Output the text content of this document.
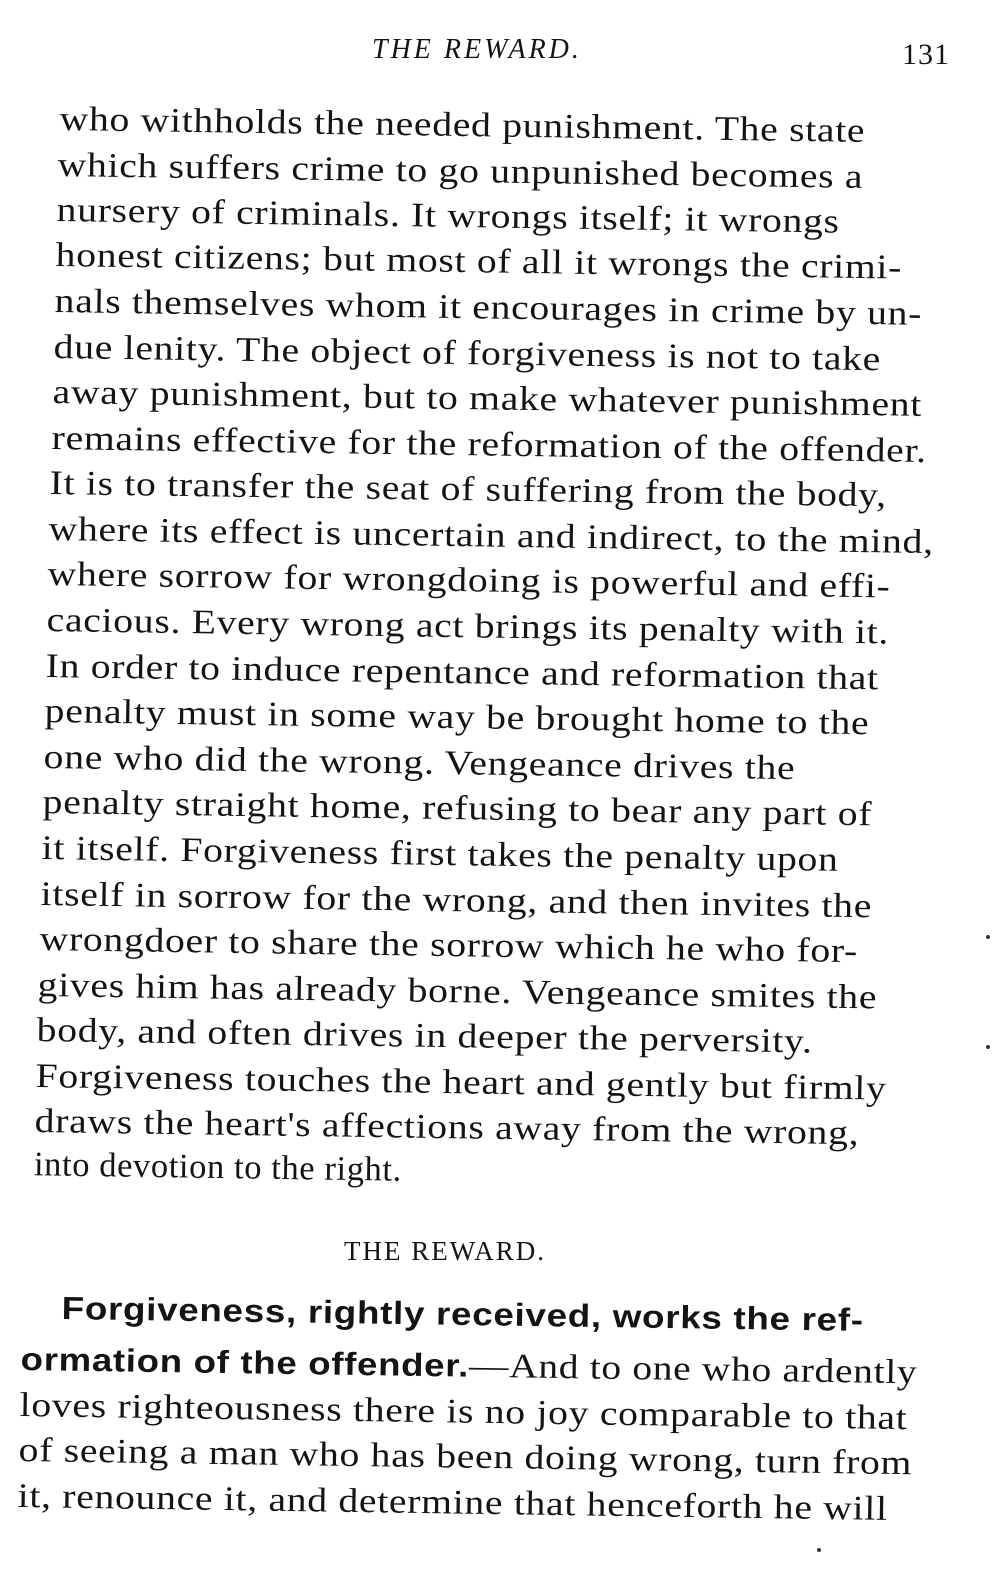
THE REWARD.	131
who withholds the needed punishment. The state
which suffers crime to go unpunished becomes a
nursery of criminals. It wrongs itself; it wrongs
honest citizens; but most of all it wrongs the crimi-
nals themselves whom it encourages in crime by un-
due lenity. The object of forgiveness is not to take
away punishment, but to make whatever punishment
remains effective for the reformation of the offender.
It is to transfer the seat of suffering from the body,
where its effect is uncertain and indirect, to the mind,
where sorrow for wrongdoing is powerful and effi-
cacious. Every wrong act brings its penalty with it.
In order to induce repentance and reformation that
penalty must in some way be brought home to the
one who did the wrong. Vengeance drives the
penalty straight home, refusing to bear any part of
it itself. Forgiveness first takes the penalty upon
itself in sorrow for the wrong, and then invites the
wrongdoer to share the sorrow which he who for-
gives him has already borne. Vengeance smites the
body, and often drives in deeper the perversity.
Forgiveness touches the heart and gently but firmly
draws the heart's affections away from the wrong,
into devotion to the right.
THE REWARD.
Forgiveness, rightly received, works the ref-
ormation of the offender.—And to one who ardently
loves righteousness there is no joy comparable to that
of seeing a man who has been doing wrong, turn from
it, renounce it, and determine that henceforth he will
